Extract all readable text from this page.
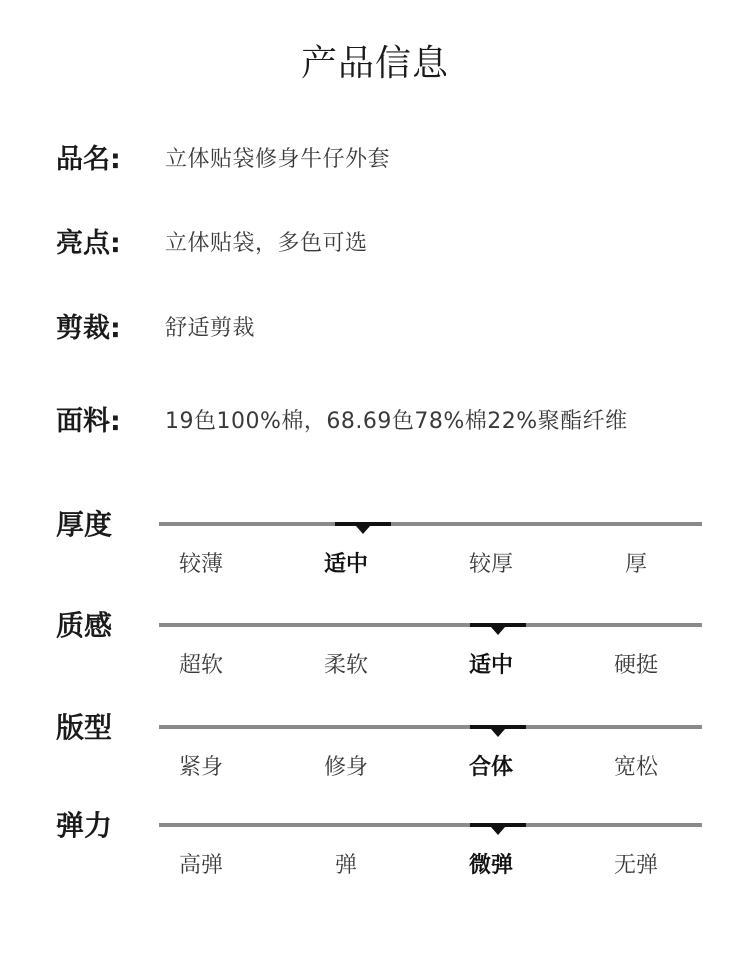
产品信息
品名: 立体贴袋修身牛仔外套
亮点: 立体贴袋，多色可选
剪裁: 舒适剪裁
面料: 19色100%棉，68.69色78%棉22%聚酯纤维
厚度
较薄	适中	较厚	厚
质感
超软	柔软	适中	硬挺
版型
紧身	修身	合体	宽松
弹力
高弹	弹	微弹	无弹
